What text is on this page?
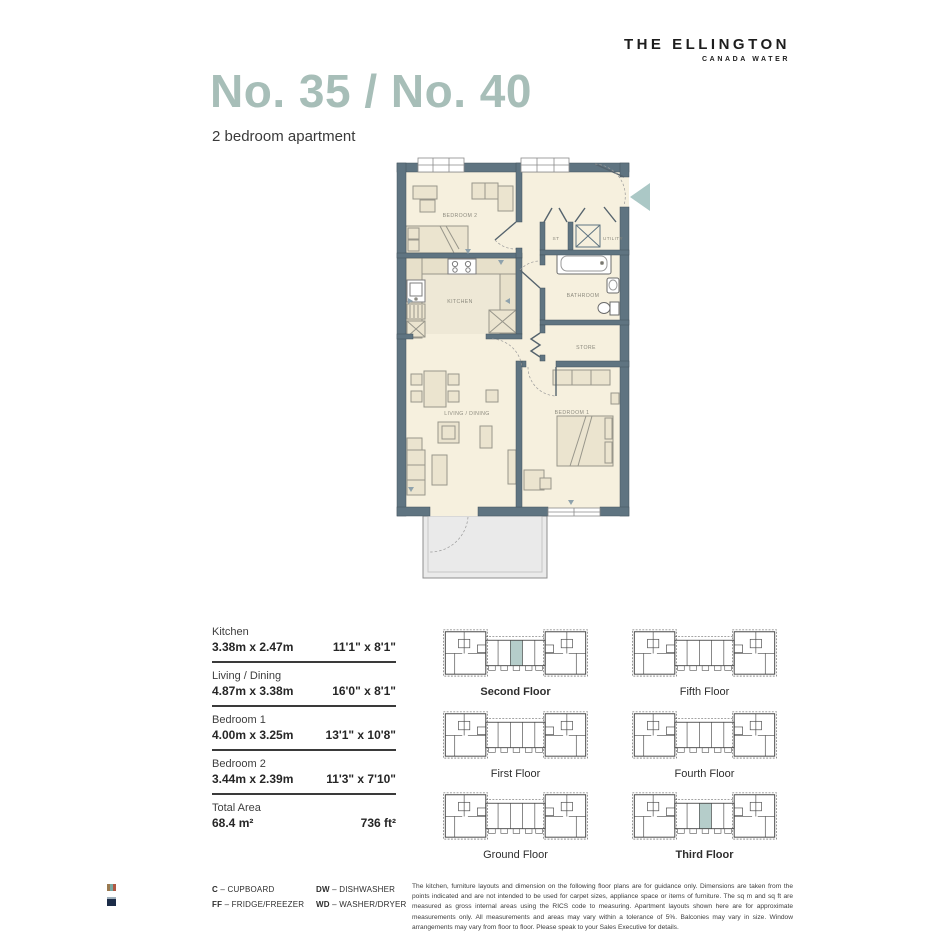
THE ELLINGTON
CANADA WATER
No. 35 / No. 40
2 bedroom apartment
BEDROOM 2
KITCHEN
LIVING / DINING	BEDROOM 1
BATHROOM
STORE
ST	UTILITY
Kitchen
3.38m x 2.47m	11'1" x 8'1"
Living / Dining
4.87m x 3.38m	16'0" x 8'1"
Bedroom 1
4.00m x 3.25m	13'1" x 10'8"
Bedroom 2
3.44m x 2.39m	11'3" x 7'10"
Total Area
68.4 m²	736 ft²
Second Floor	Fifth Floor
First Floor	Fourth Floor
Ground Floor	Third Floor
C – CUPBOARD
FF – FRIDGE/FREEZER
DW – DISHWASHER
WD – WASHER/DRYER
The kitchen, furniture layouts and dimension on the following floor plans are for guidance only. Dimensions are taken from the points indicated and are not intended to be used for carpet sizes, appliance space or items of furniture. The sq m and sq ft are measured as gross internal areas using the RICS code to measuring. Apartment layouts shown here are for approximate measurements only. All measurements and areas may vary within a tolerance of 5%. Balconies may vary in size. Window arrangements may vary from floor to floor. Please speak to your Sales Executive for details.
